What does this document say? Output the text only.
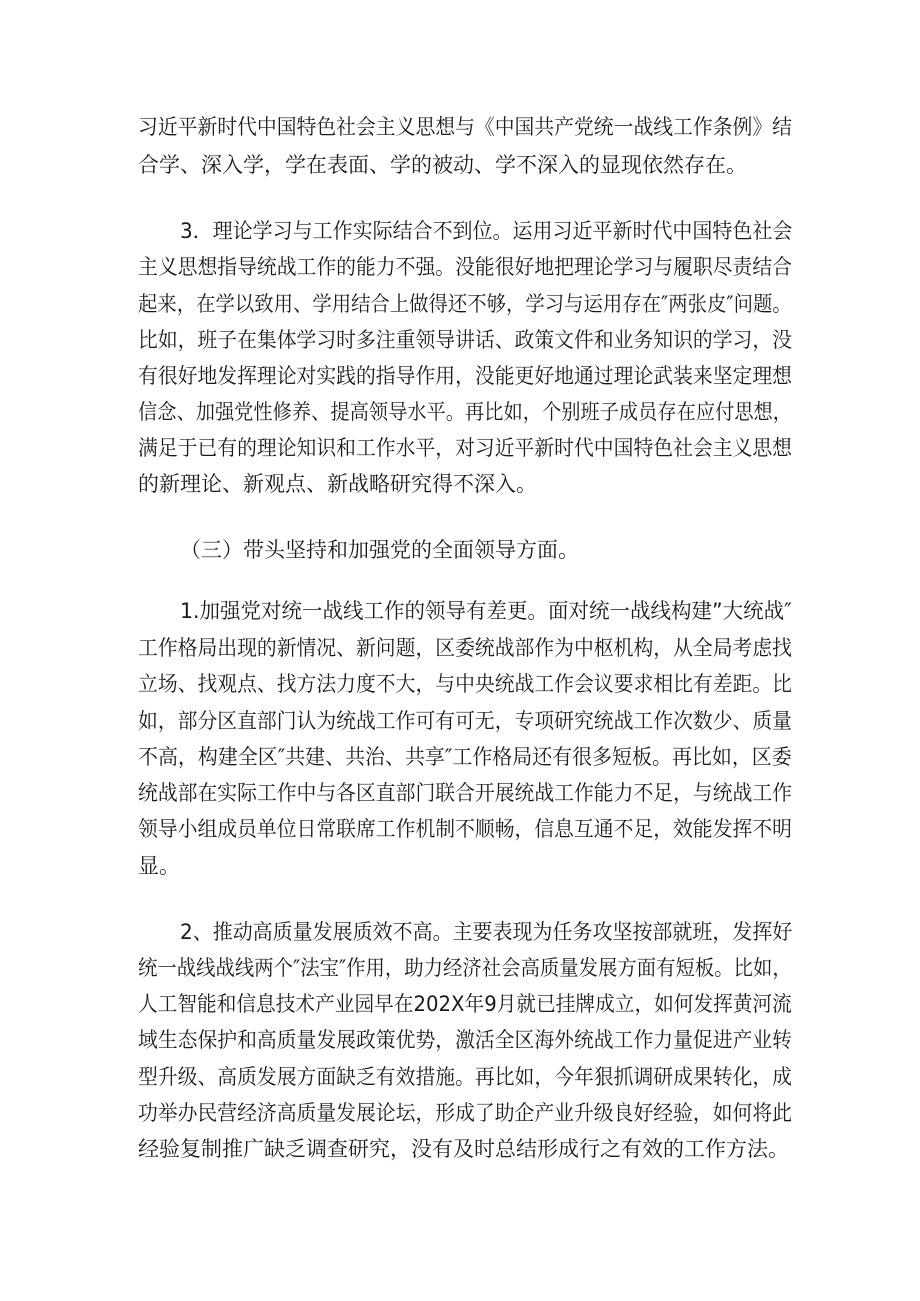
习近平新时代中国特色社会主义思想与《中国共产党统一战线工作条例》结
合学、深入学，学在表面、学的被动、学不深入的显现依然存在。
3．理论学习与工作实际结合不到位。运用习近平新时代中国特色社会
主义思想指导统战工作的能力不强。没能很好地把理论学习与履职尽责结合
起来，在学以致用、学用结合上做得还不够，学习与运用存在″两张皮″问题。
比如，班子在集体学习时多注重领导讲话、政策文件和业务知识的学习，没
有很好地发挥理论对实践的指导作用，没能更好地通过理论武装来坚定理想
信念、加强党性修养、提高领导水平。再比如，个别班子成员存在应付思想，
满足于已有的理论知识和工作水平，对习近平新时代中国特色社会主义思想
的新理论、新观点、新战略研究得不深入。
（三）带头坚持和加强党的全面领导方面。
1.加强党对统一战线工作的领导有差更。面对统一战线构建”大统战″
工作格局出现的新情况、新问题，区委统战部作为中枢机构，从全局考虑找
立场、找观点、找方法力度不大，与中央统战工作会议要求相比有差距。比
如，部分区直部门认为统战工作可有可无，专项研究统战工作次数少、质量
不高，构建全区″共建、共治、共享″工作格局还有很多短板。再比如，区委
统战部在实际工作中与各区直部门联合开展统战工作能力不足，与统战工作
领导小组成员单位日常联席工作机制不顺畅，信息互通不足，效能发挥不明
显。
2、推动高质量发展质效不高。主要表现为任务攻坚按部就班，发挥好
统一战线战线两个″法宝″作用，助力经济社会高质量发展方面有短板。比如，
人工智能和信息技术产业园早在202X年9月就已挂牌成立，如何发挥黄河流
域生态保护和高质量发展政策优势，激活全区海外统战工作力量促进产业转
型升级、高质发展方面缺乏有效措施。再比如，今年狠抓调研成果转化，成
功举办民营经济高质量发展论坛，形成了助企产业升级良好经验，如何将此
经验复制推广缺乏调查研究，没有及时总结形成行之有效的工作方法。
